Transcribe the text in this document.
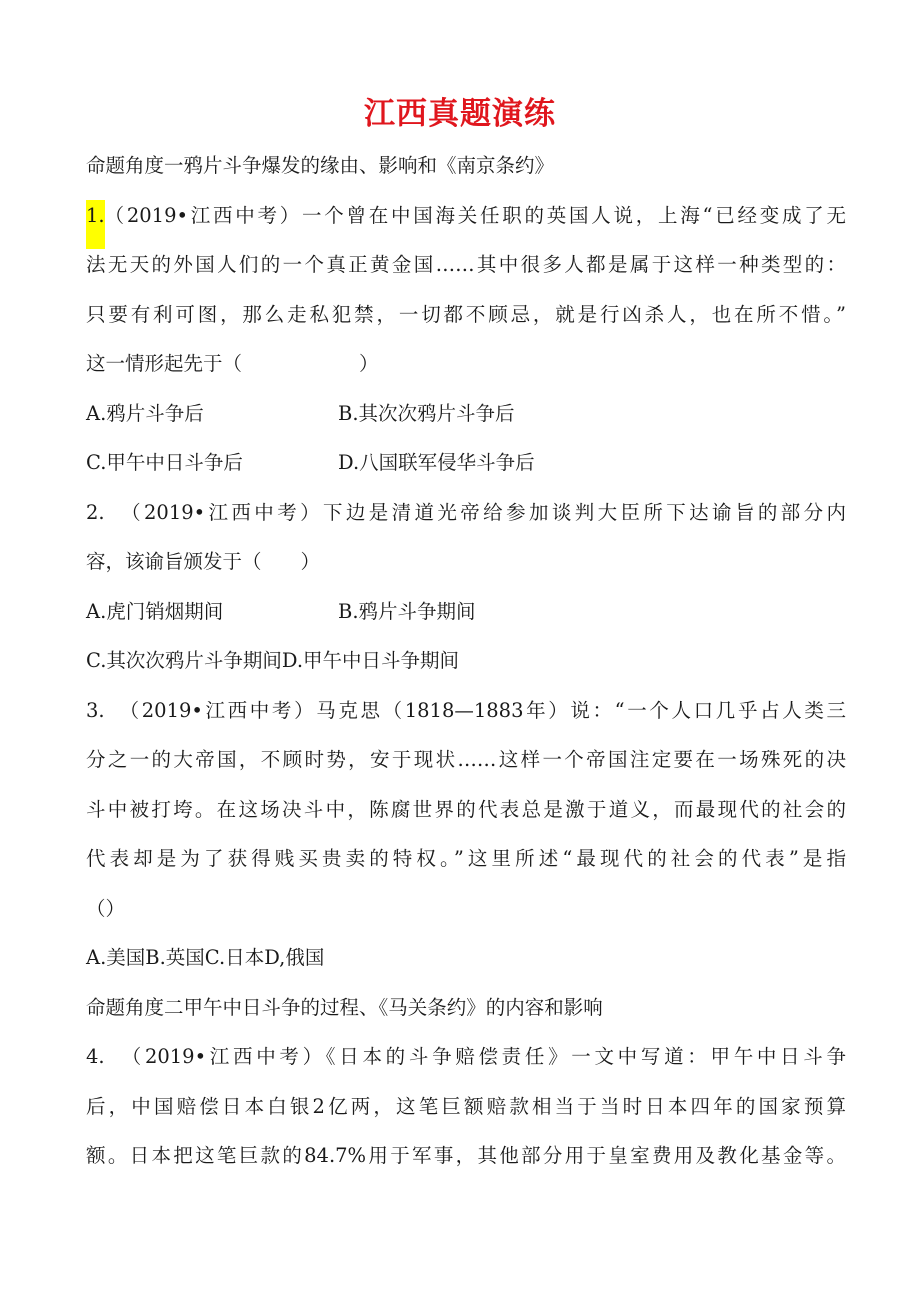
江西真题演练
命题角度一鸦片斗争爆发的缘由、影响和《南京条约》
1. （2019•江西中考）一个曾在中国海关任职的英国人说，上海“已经变成了无
法无天的外国人们的一个真正黄金国……其中很多人都是属于这样一种类型的：
只要有利可图，那么走私犯禁，一切都不顾忌，就是行凶杀人，也在所不惜。”
这一情形起先于（　　　　　　）
A.鸦片斗争后	B.其次次鸦片斗争后
C.甲午中日斗争后	D.八国联军侵华斗争后
2.　（2019•江西中考）下边是清道光帝给参加谈判大臣所下达谕旨的部分内
容，该谕旨颁发于（　　）
A.虎门销烟期间	B.鸦片斗争期间
C.其次次鸦片斗争期间D.甲午中日斗争期间
3.　（2019•江西中考）马克思（1818—1883年）说：“一个人口几乎占人类三
分之一的大帝国，不顾时势，安于现状……这样一个帝国注定要在一场殊死的决
斗中被打垮。在这场决斗中，陈腐世界的代表总是激于道义，而最现代的社会的
代表却是为了获得贱买贵卖的特权。”这里所述“最现代的社会的代表”是指
（）
A.美国B.英国C.日本D,俄国
命题角度二甲午中日斗争的过程、《马关条约》的内容和影响
4.　（2019•江西中考）《日本的斗争赔偿责任》一文中写道：甲午中日斗争
后，中国赔偿日本白银2亿两，这笔巨额赔款相当于当时日本四年的国家预算
额。日本把这笔巨款的84.7%用于军事，其他部分用于皇室费用及教化基金等。
